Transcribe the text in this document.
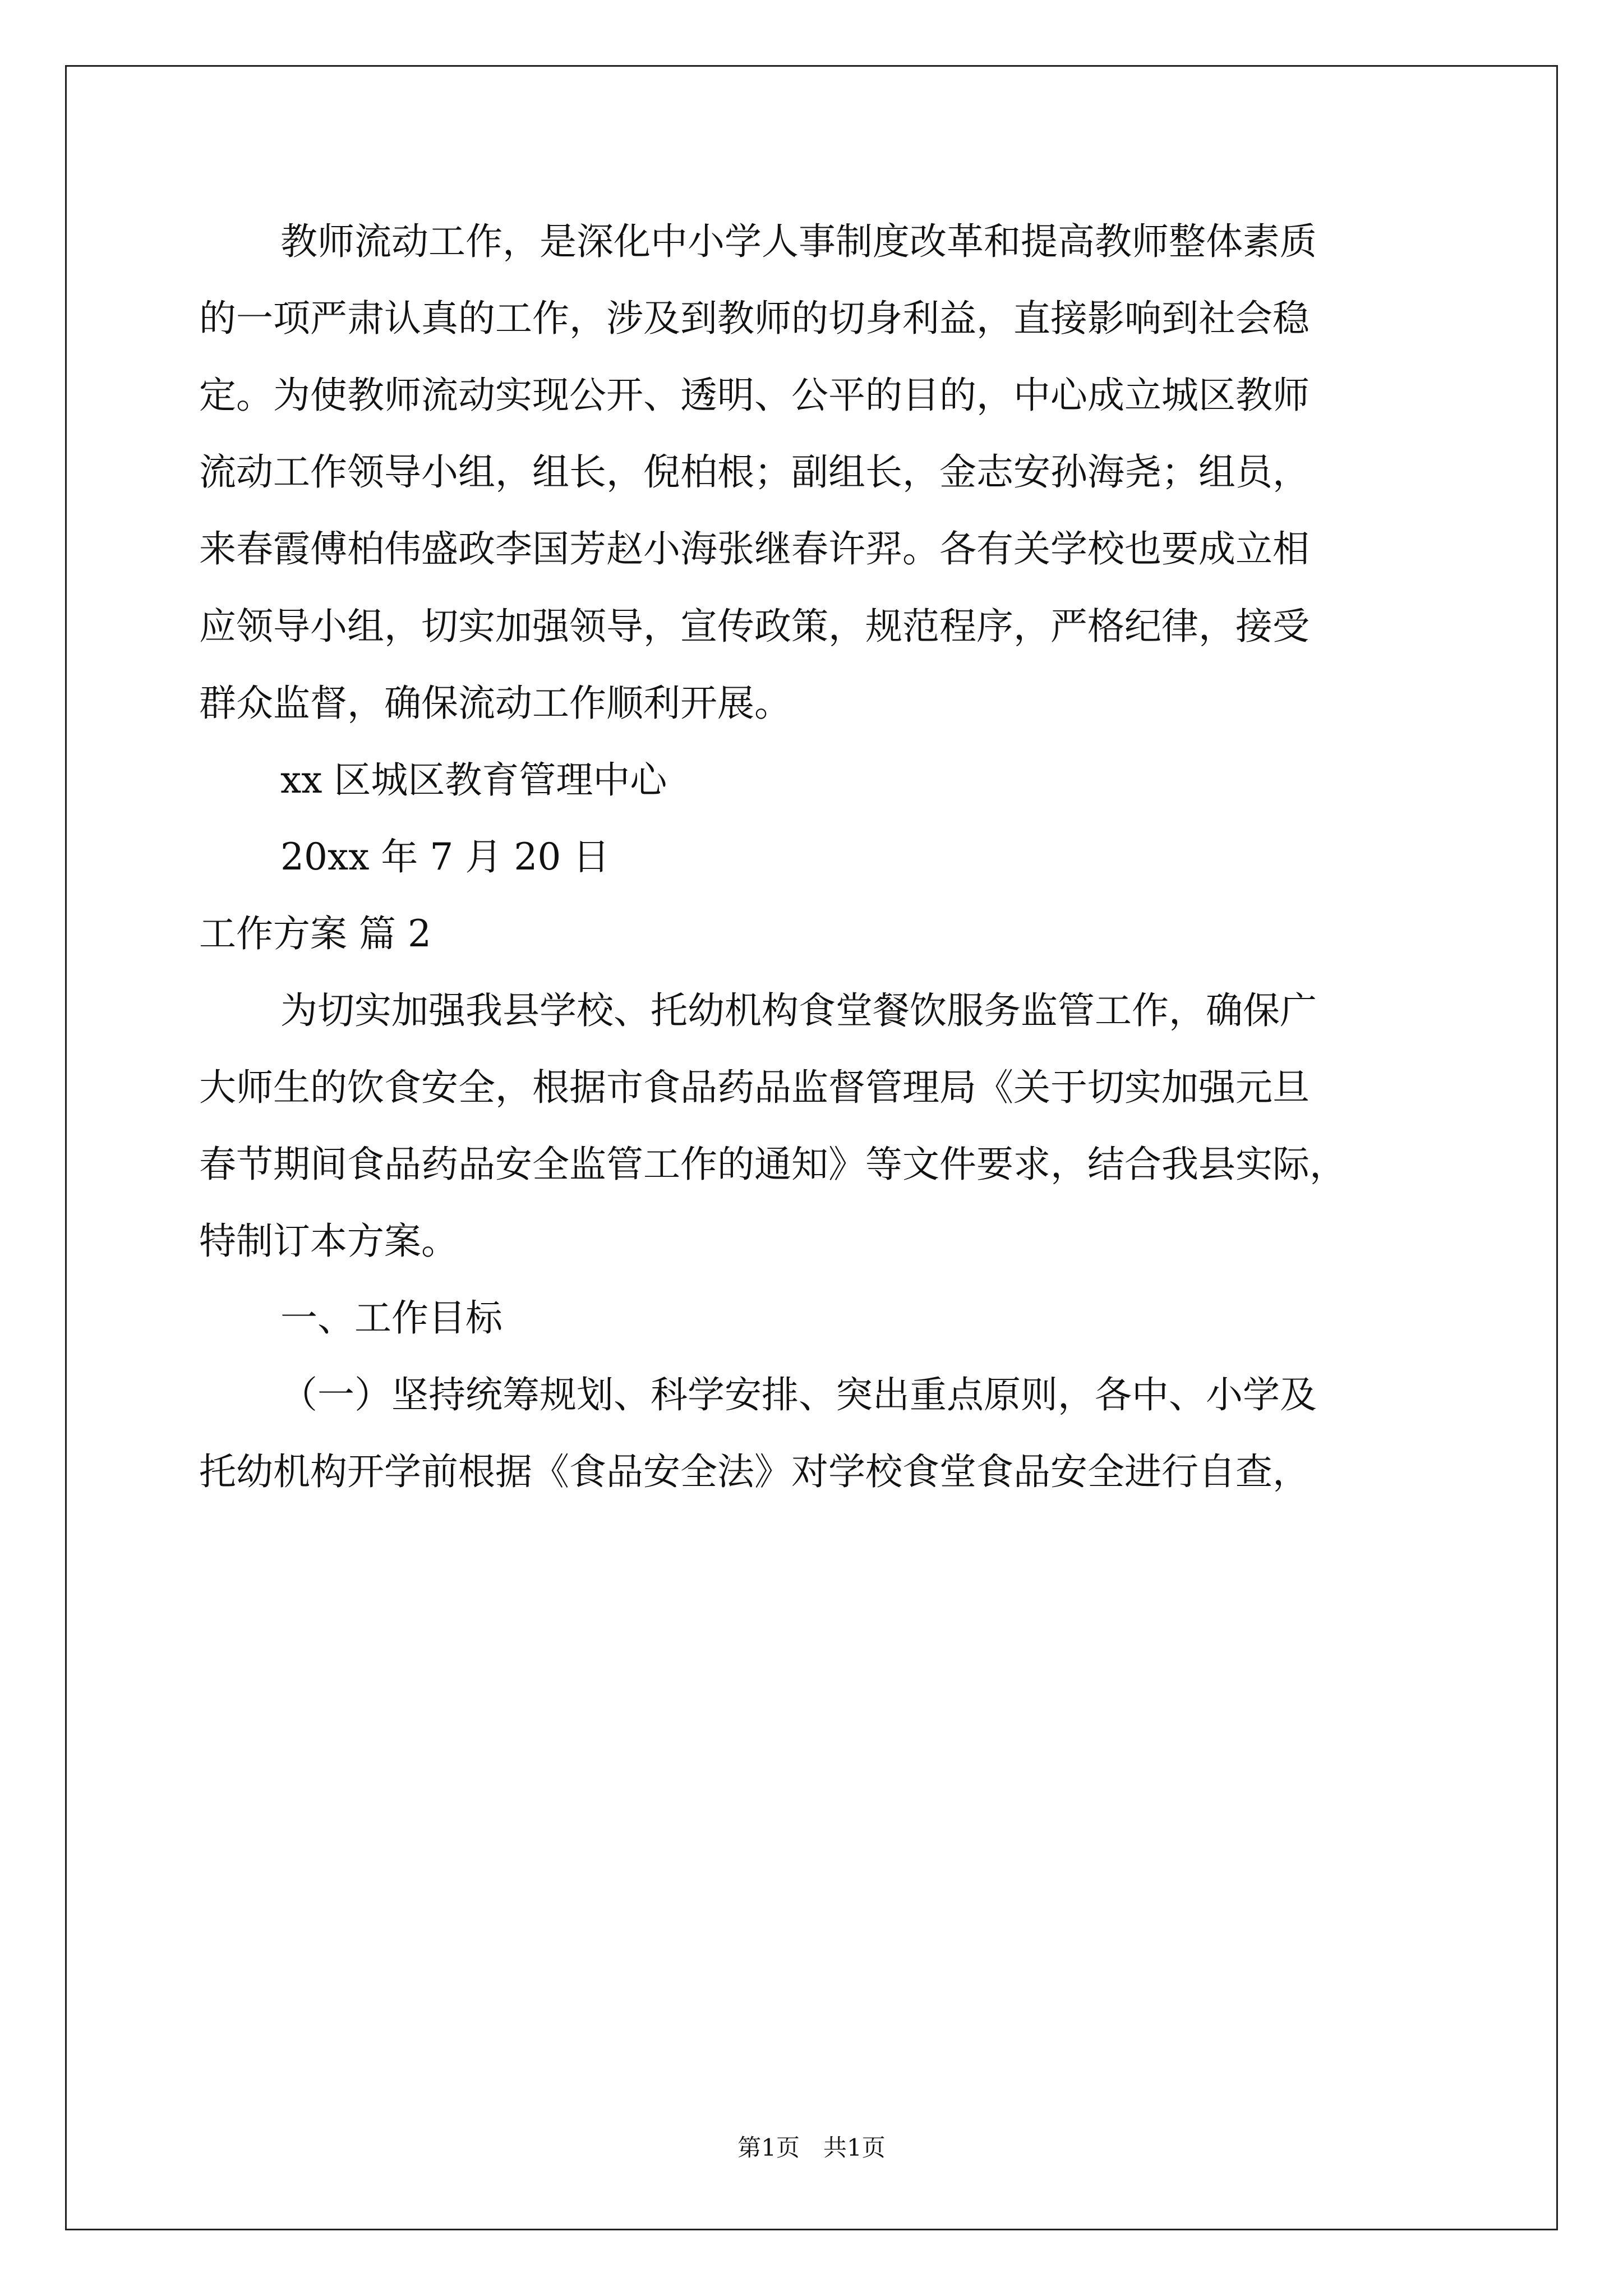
教师流动工作，是深化中小学人事制度改革和提高教师整体素质

的一项严肃认真的工作，涉及到教师的切身利益，直接影响到社会稳

定。为使教师流动实现公开、透明、公平的目的，中心成立城区教师

流动工作领导小组，组长，倪柏根；副组长，金志安孙海尧；组员，

来春霞傅柏伟盛政李国芳赵小海张继春许羿。各有关学校也要成立相

应领导小组，切实加强领导，宣传政策，规范程序，严格纪律，接受

群众监督，确保流动工作顺利开展。

xx 区城区教育管理中心

20xx 年 7 月 20 日

工作方案 篇 2

为切实加强我县学校、托幼机构食堂餐饮服务监管工作，确保广

大师生的饮食安全，根据市食品药品监督管理局《关于切实加强元旦

春节期间食品药品安全监管工作的通知》等文件要求，结合我县实际，

特制订本方案。

一、工作目标

（一）坚持统筹规划、科学安排、突出重点原则，各中、小学及

托幼机构开学前根据《食品安全法》对学校食堂食品安全进行自查，

第1页　共1页
